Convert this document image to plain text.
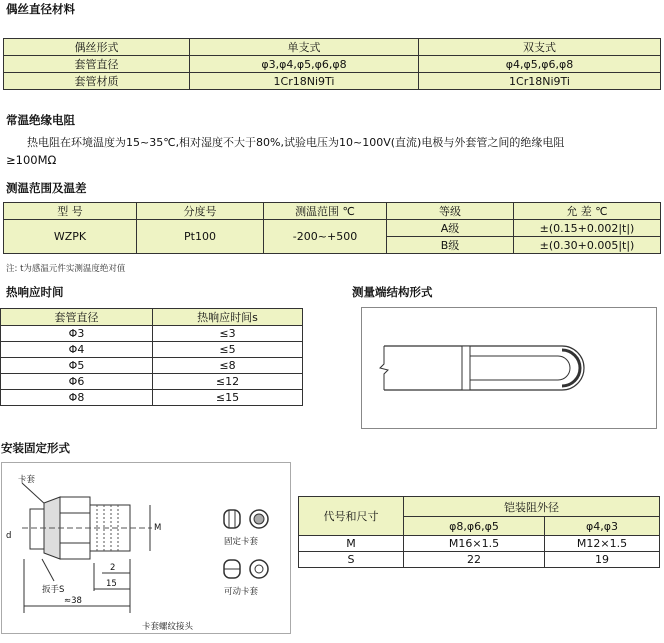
偶丝直径材料
偶丝形式	单支式	双支式
套管直径	φ3,φ4,φ5,φ6,φ8	φ4,φ5,φ6,φ8
套管材质	1Cr18Ni9Ti	1Cr18Ni9Ti
常温绝缘电阻
热电阻在环境温度为15~35℃,相对湿度不大于80%,试验电压为10~100V(直流)电极与外套管之间的绝缘电阻
≥100MΩ
测温范围及温差
型 号	分度号	测温范围 ℃	等级	允 差 ℃
WZPK	Pt100	-200~+500	A级	±(0.15+0.002|t|)
			B级	±(0.30+0.005|t|)
注: t为感温元件实测温度绝对值
热响应时间
套管直径	热响应时间s
Φ3	≤3
Φ4	≤5
Φ5	≤8
Φ6	≤12
Φ8	≤15
测量端结构形式
安装固定形式
卡套
d
M
扳手S
2
15
≈38
卡套螺纹接头
固定卡套
可动卡套
代号和尺寸	铠装阻外径	
	φ8,φ6,φ5	φ4,φ3
M	M16×1.5	M12×1.5
S	22	19
